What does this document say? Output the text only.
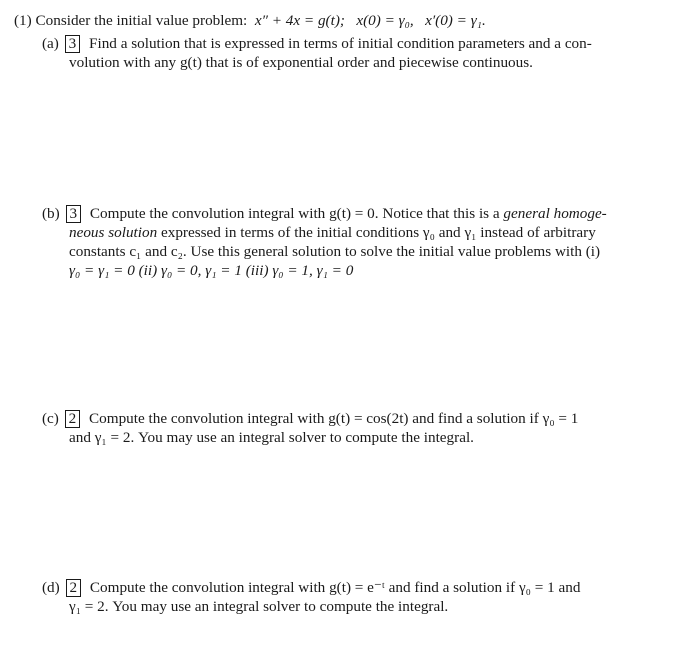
(1) Consider the initial value problem: x″ + 4x = g(t); x(0) = γ₀, x′(0) = γ₁.
(a) 3 Find a solution that is expressed in terms of initial condition parameters and a con-
volution with any g(t) that is of exponential order and piecewise continuous.
(b) 3 Compute the convolution integral with g(t) = 0. Notice that this is a general homoge-
neous solution expressed in terms of the initial conditions γ₀ and γ₁ instead of arbitrary
constants c₁ and c₂. Use this general solution to solve the initial value problems with (i)
γ₀ = γ₁ = 0 (ii) γ₀ = 0, γ₁ = 1 (iii) γ₀ = 1, γ₁ = 0
(c) 2 Compute the convolution integral with g(t) = cos(2t) and find a solution if γ₀ = 1
and γ₁ = 2. You may use an integral solver to compute the integral.
(d) 2 Compute the convolution integral with g(t) = e⁻ᵗ and find a solution if γ₀ = 1 and
γ₁ = 2. You may use an integral solver to compute the integral.
